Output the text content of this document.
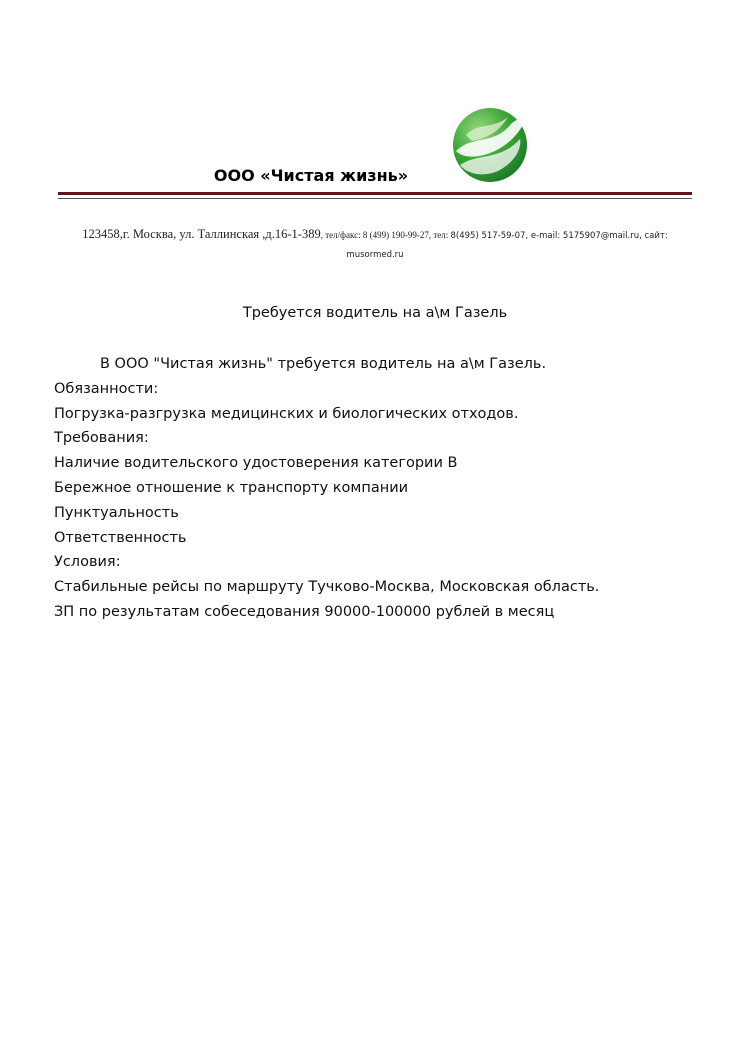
ООО «Чистая жизнь»
123458,г. Москва, ул. Таллинская ,д.16-1-389, тел/факс: 8 (499) 190-99-27, тел: 8(495) 517-59-07, e-mail: 5175907@mail.ru, сайт:
musormed.ru
Требуется водитель на а\м Газель

В ООО "Чистая жизнь" требуется водитель на а\м Газель.

Обязанности:

Погрузка-разгрузка медицинских и биологических отходов.

Требования:

Наличие водительского удостоверения категории В

Бережное отношение к транспорту компании

Пунктуальность

Ответственность

Условия:

Стабильные рейсы по маршруту Тучково-Москва, Московская область.

ЗП по результатам собеседования 90000-100000 рублей в месяц
